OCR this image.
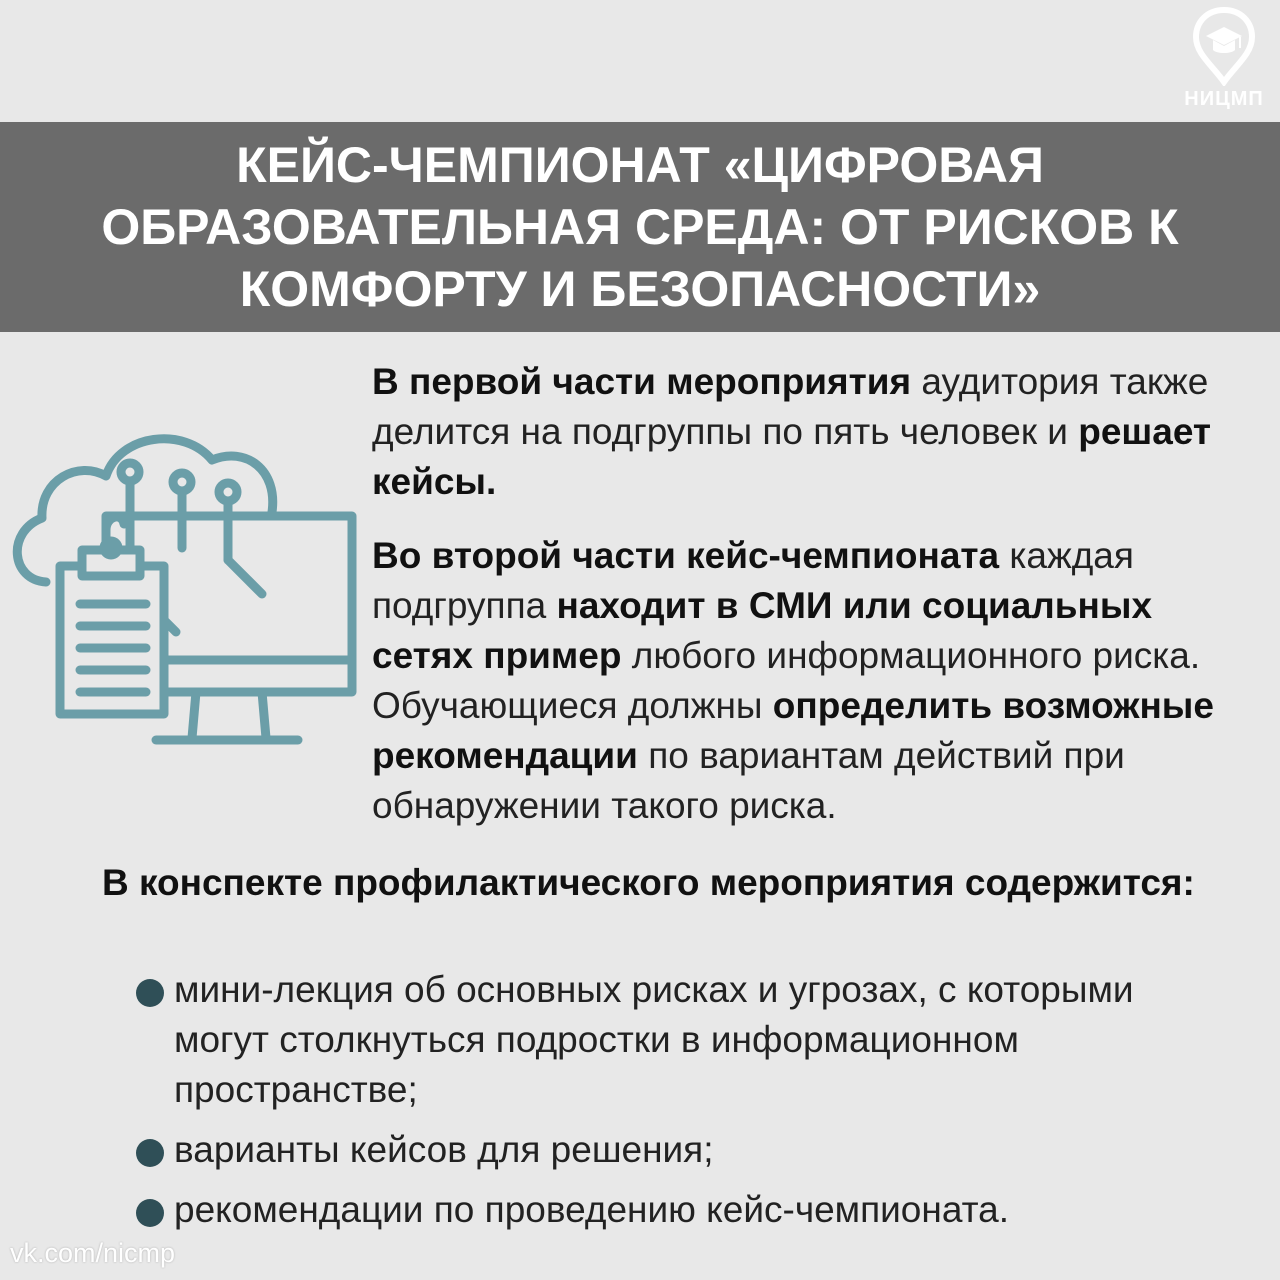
НИЦМП
КЕЙС-ЧЕМПИОНАТ «ЦИФРОВАЯ ОБРАЗОВАТЕЛЬНАЯ СРЕДА: ОТ РИСКОВ К КОМФОРТУ И БЕЗОПАСНОСТИ»

В первой части мероприятия аудитория также делится на подгруппы по пять человек и решает кейсы.

Во второй части кейс-чемпионата каждая подгруппа находит в СМИ или социальных сетях пример любого информационного риска. Обучающиеся должны определить возможные рекомендации по вариантам действий при обнаружении такого риска.

В конспекте профилактического мероприятия содержится:

мини-лекция об основных рисках и угрозах, с которыми могут столкнуться подростки в информационном пространстве;
варианты кейсов для решения;
рекомендации по проведению кейс-чемпионата.
vk.com/nicmp
